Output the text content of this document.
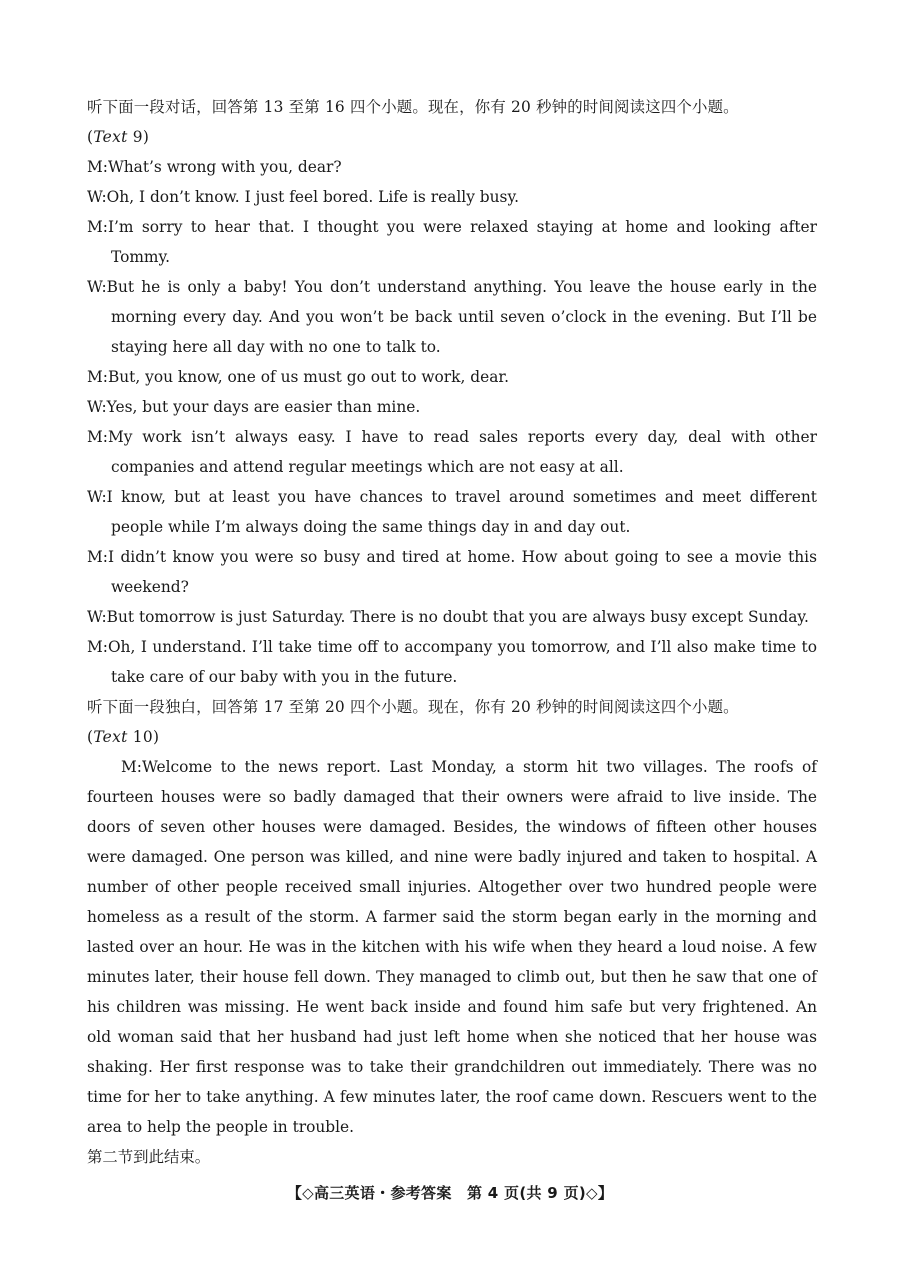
听下面一段对话，回答第 13 至第 16 四个小题。现在，你有 20 秒钟的时间阅读这四个小题。
(Text 9)
M:What’s wrong with you, dear?
W:Oh, I don’t know. I just feel bored. Life is really busy.
M:I’m sorry to hear that. I thought you were relaxed staying at home and looking after Tommy.
W:But he is only a baby! You don’t understand anything. You leave the house early in the morning every day. And you won’t be back until seven o’clock in the evening. But I’ll be staying here all day with no one to talk to.
M:But, you know, one of us must go out to work, dear.
W:Yes, but your days are easier than mine.
M:My work isn’t always easy. I have to read sales reports every day, deal with other companies and attend regular meetings which are not easy at all.
W:I know, but at least you have chances to travel around sometimes and meet different people while I’m always doing the same things day in and day out.
M:I didn’t know you were so busy and tired at home. How about going to see a movie this weekend?
W:But tomorrow is just Saturday. There is no doubt that you are always busy except Sunday.
M:Oh, I understand. I’ll take time off to accompany you tomorrow, and I’ll also make time to take care of our baby with you in the future.
听下面一段独白，回答第 17 至第 20 四个小题。现在，你有 20 秒钟的时间阅读这四个小题。
(Text 10)
M:Welcome to the news report. Last Monday, a storm hit two villages. The roofs of fourteen houses were so badly damaged that their owners were afraid to live inside. The doors of seven other houses were damaged. Besides, the windows of fifteen other houses were damaged. One person was killed, and nine were badly injured and taken to hospital. A number of other people received small injuries. Altogether over two hundred people were homeless as a result of the storm. A farmer said the storm began early in the morning and lasted over an hour. He was in the kitchen with his wife when they heard a loud noise. A few minutes later, their house fell down. They managed to climb out, but then he saw that one of his children was missing. He went back inside and found him safe but very frightened. An old woman said that her husband had just left home when she noticed that her house was shaking. Her first response was to take their grandchildren out immediately. There was no time for her to take anything. A few minutes later, the roof came down. Rescuers went to the area to help the people in trouble.
第二节到此结束。
【◇高三英语・参考答案　第 4 页(共 9 页)◇】
